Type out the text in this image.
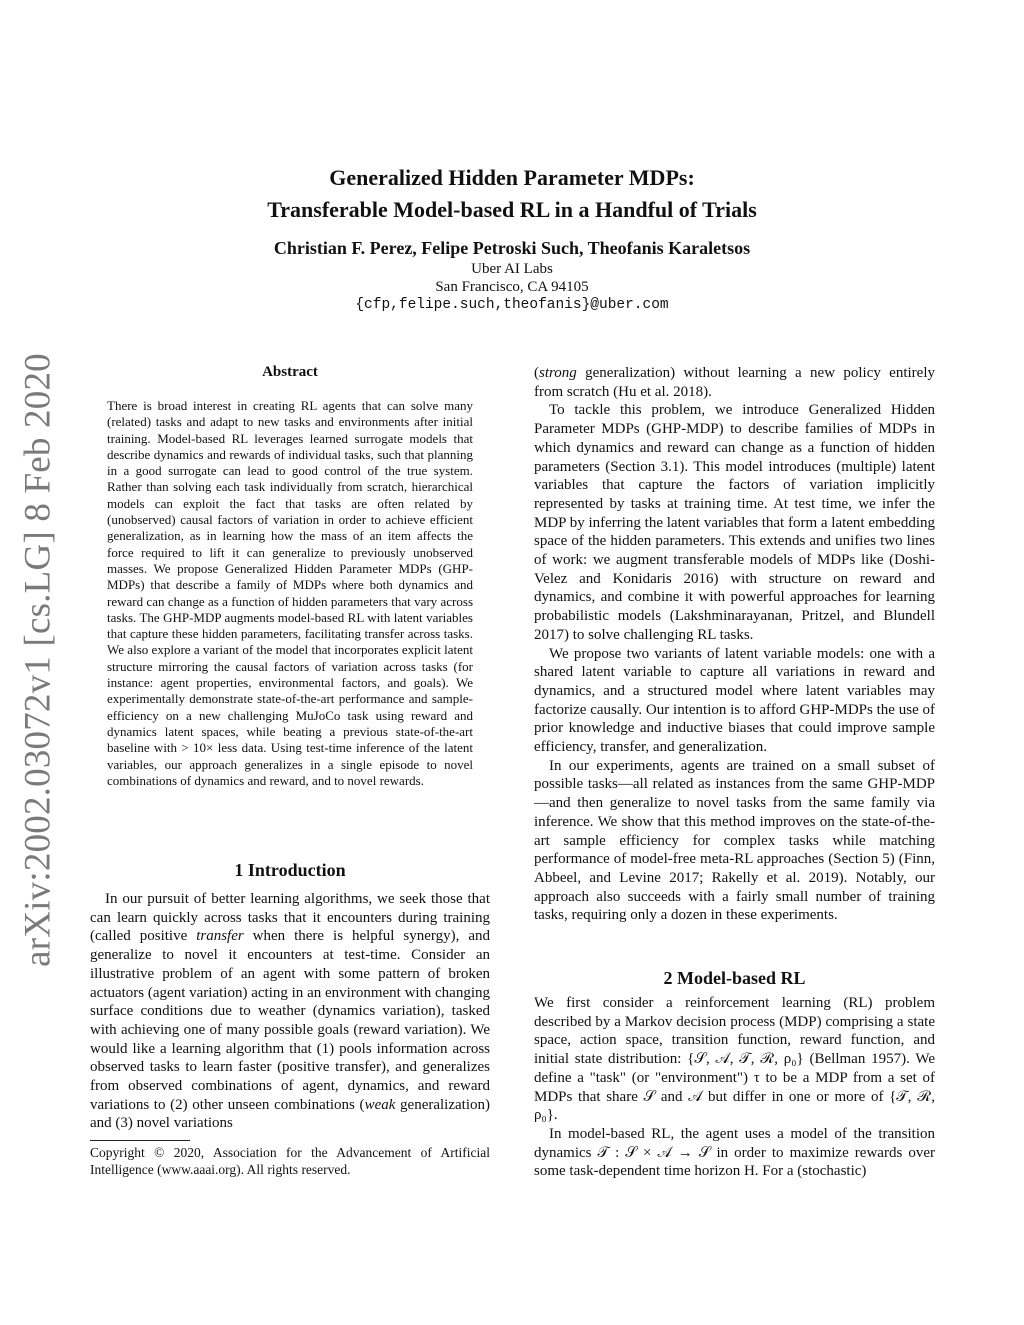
arXiv:2002.03072v1 [cs.LG] 8 Feb 2020
Generalized Hidden Parameter MDPs:
Transferable Model-based RL in a Handful of Trials
Christian F. Perez, Felipe Petroski Such, Theofanis Karaletsos
Uber AI Labs
San Francisco, CA 94105
{cfp,felipe.such,theofanis}@uber.com
Abstract
There is broad interest in creating RL agents that can solve many (related) tasks and adapt to new tasks and environments after initial training. Model-based RL leverages learned surrogate models that describe dynamics and rewards of individual tasks, such that planning in a good surrogate can lead to good control of the true system. Rather than solving each task individually from scratch, hierarchical models can exploit the fact that tasks are often related by (unobserved) causal factors of variation in order to achieve efficient generalization, as in learning how the mass of an item affects the force required to lift it can generalize to previously unobserved masses. We propose Generalized Hidden Parameter MDPs (GHP-MDPs) that describe a family of MDPs where both dynamics and reward can change as a function of hidden parameters that vary across tasks. The GHP-MDP augments model-based RL with latent variables that capture these hidden parameters, facilitating transfer across tasks. We also explore a variant of the model that incorporates explicit latent structure mirroring the causal factors of variation across tasks (for instance: agent properties, environmental factors, and goals). We experimentally demonstrate state-of-the-art performance and sample-efficiency on a new challenging MuJoCo task using reward and dynamics latent spaces, while beating a previous state-of-the-art baseline with > 10× less data. Using test-time inference of the latent variables, our approach generalizes in a single episode to novel combinations of dynamics and reward, and to novel rewards.
1 Introduction

In our pursuit of better learning algorithms, we seek those that can learn quickly across tasks that it encounters during training (called positive transfer when there is helpful synergy), and generalize to novel it encounters at test-time. Consider an illustrative problem of an agent with some pattern of broken actuators (agent variation) acting in an environment with changing surface conditions due to weather (dynamics variation), tasked with achieving one of many possible goals (reward variation). We would like a learning algorithm that (1) pools information across observed tasks to learn faster (positive transfer), and generalizes from observed combinations of agent, dynamics, and reward variations to (2) other unseen combinations (weak generalization) and (3) novel variations

Copyright © 2020, Association for the Advancement of Artificial Intelligence (www.aaai.org). All rights reserved.

(strong generalization) without learning a new policy entirely from scratch (Hu et al. 2018).

To tackle this problem, we introduce Generalized Hidden Parameter MDPs (GHP-MDP) to describe families of MDPs in which dynamics and reward can change as a function of hidden parameters (Section 3.1). This model introduces (multiple) latent variables that capture the factors of variation implicitly represented by tasks at training time. At test time, we infer the MDP by inferring the latent variables that form a latent embedding space of the hidden parameters. This extends and unifies two lines of work: we augment transferable models of MDPs like (Doshi-Velez and Konidaris 2016) with structure on reward and dynamics, and combine it with powerful approaches for learning probabilistic models (Lakshminarayanan, Pritzel, and Blundell 2017) to solve challenging RL tasks.

We propose two variants of latent variable models: one with a shared latent variable to capture all variations in reward and dynamics, and a structured model where latent variables may factorize causally. Our intention is to afford GHP-MDPs the use of prior knowledge and inductive biases that could improve sample efficiency, transfer, and generalization.

In our experiments, agents are trained on a small subset of possible tasks—all related as instances from the same GHP-MDP—and then generalize to novel tasks from the same family via inference. We show that this method improves on the state-of-the-art sample efficiency for complex tasks while matching performance of model-free meta-RL approaches (Section 5) (Finn, Abbeel, and Levine 2017; Rakelly et al. 2019). Notably, our approach also succeeds with a fairly small number of training tasks, requiring only a dozen in these experiments.

2 Model-based RL

We first consider a reinforcement learning (RL) problem described by a Markov decision process (MDP) comprising a state space, action space, transition function, reward function, and initial state distribution: {𝒮, 𝒜, 𝒯, ℛ, ρ₀} (Bellman 1957). We define a "task" (or "environment") τ to be a MDP from a set of MDPs that share 𝒮 and 𝒜 but differ in one or more of {𝒯, ℛ, ρ₀}.

In model-based RL, the agent uses a model of the transition dynamics 𝒯 : 𝒮 × 𝒜 → 𝒮 in order to maximize rewards over some task-dependent time horizon H. For a (stochastic)
